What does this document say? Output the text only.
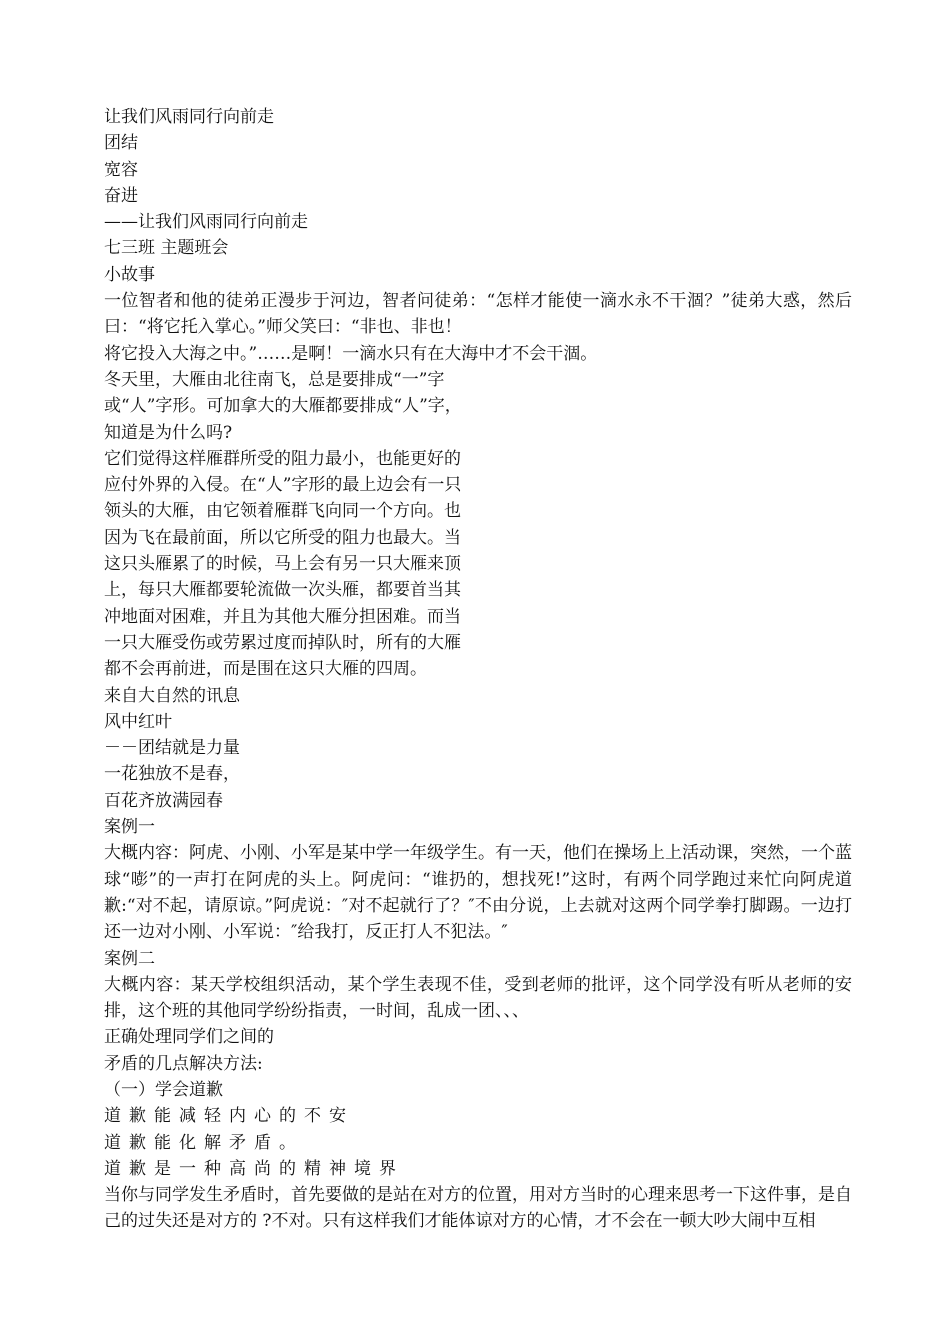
让我们风雨同行向前走
团结
宽容
奋进
——让我们风雨同行向前走
七三班 主题班会
小故事
一位智者和他的徒弟正漫步于河边，智者问徒弟：“怎样才能使一滴水永不干涸？”徒弟大惑，然后曰：“将它托入掌心。”师父笑曰：“非也、非也！
将它投入大海之中。”……是啊！一滴水只有在大海中才不会干涸。
冬天里，大雁由北往南飞，总是要排成“一”字
或“人”字形。可加拿大的大雁都要排成“人”字，
知道是为什么吗?
它们觉得这样雁群所受的阻力最小，也能更好的
应付外界的入侵。在“人”字形的最上边会有一只
领头的大雁，由它领着雁群飞向同一个方向。也
因为飞在最前面，所以它所受的阻力也最大。当
这只头雁累了的时候，马上会有另一只大雁来顶
上，每只大雁都要轮流做一次头雁，都要首当其
冲地面对困难，并且为其他大雁分担困难。而当
一只大雁受伤或劳累过度而掉队时，所有的大雁
都不会再前进，而是围在这只大雁的四周。
来自大自然的讯息
风中红叶
－－团结就是力量
一花独放不是春，
百花齐放满园春
案例一
大概内容：阿虎、小刚、小军是某中学一年级学生。有一天，他们在操场上上活动课，突然，一个蓝球“嘭”的一声打在阿虎的头上。阿虎问：“谁扔的，想找死!”这时，有两个同学跑过来忙向阿虎道歉:“对不起，请原谅。”阿虎说：″对不起就行了？″不由分说，上去就对这两个同学拳打脚踢。一边打还一边对小刚、小军说：″给我打，反正打人不犯法。″
案例二
大概内容：某天学校组织活动，某个学生表现不佳，受到老师的批评，这个同学没有听从老师的安排，这个班的其他同学纷纷指责，一时间，乱成一团、、、
正确处理同学们之间的
矛盾的几点解决方法:
（一）学会道歉
道歉能减轻内心的不安
道歉能化解矛盾。
道歉是一种高尚的精神境界
当你与同学发生矛盾时，首先要做的是站在对方的位置，用对方当时的心理来思考一下这件事，是自己的过失还是对方的 ?不对。只有这样我们才能体谅对方的心情，才不会在一顿大吵大闹中互相
